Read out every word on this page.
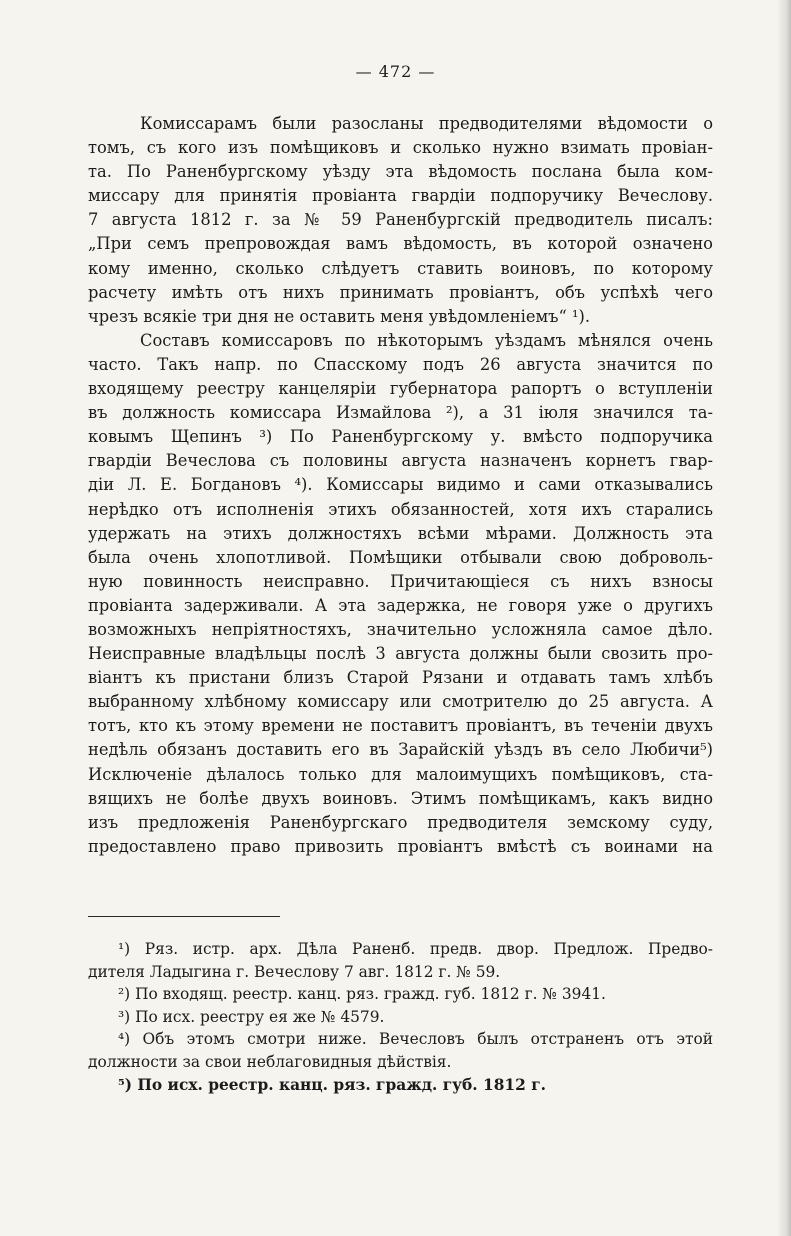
— 472 —
Комиссарамъ были разосланы предводителями вѣдомости о
томъ, съ кого изъ помѣщиковъ и сколько нужно взимать провіан-
та. По Раненбургскому уѣзду эта вѣдомость послана была ком-
миссару для принятія провіанта гвардіи подпоручику Вечеслову.
7 августа 1812 г. за № 59 Раненбургскій предводитель писалъ:
„При семъ препровождая вамъ вѣдомость, въ которой означено
кому именно, сколько слѣдуетъ ставить воиновъ, по которому
расчету имѣть отъ нихъ принимать провіантъ, объ успѣхѣ чего
чрезъ всякіе три дня не оставить меня увѣдомленіемъ“ ¹).
Составъ комиссаровъ по нѣкоторымъ уѣздамъ мѣнялся очень
часто. Такъ напр. по Спасскому подъ 26 августа значится по
входящему реестру канцеляріи губернатора рапортъ о вступленіи
въ должность комиссара Измайлова ²), а 31 іюля значился та-
ковымъ Щепинъ ³) По Раненбургскому у. вмѣсто подпоручика
гвардіи Вечеслова съ половины августа назначенъ корнетъ гвар-
діи Л. Е. Богдановъ ⁴). Комиссары видимо и сами отказывались
нерѣдко отъ исполненія этихъ обязанностей, хотя ихъ старались
удержать на этихъ должностяхъ всѣми мѣрами. Должность эта
была очень хлопотливой. Помѣщики отбывали свою доброволь-
ную повинность неисправно. Причитающіеся съ нихъ взносы
провіанта задерживали. А эта задержка, не говоря уже о другихъ
возможныхъ непріятностяхъ, значительно усложняла самое дѣло.
Неисправные владѣльцы послѣ 3 августа должны были свозить про-
віантъ къ пристани близъ Старой Рязани и отдавать тамъ хлѣбъ
выбранному хлѣбному комиссару или смотрителю до 25 августа. А
тотъ, кто къ этому времени не поставитъ провіантъ, въ теченіи двухъ
недѣль обязанъ доставить его въ Зарайскій уѣздъ въ село Любичи⁵)
Исключеніе дѣлалось только для малоимущихъ помѣщиковъ, ста-
вящихъ не болѣе двухъ воиновъ. Этимъ помѣщикамъ, какъ видно
изъ предложенія Раненбургскаго предводителя земскому суду,
предоставлено право привозить провіантъ вмѣстѣ съ воинами на
¹) Ряз. истр. арх. Дѣла Раненб. предв. двор. Предлож. Предво-
дителя Ладыгина г. Вечеслову 7 авг. 1812 г. № 59.
²) По входящ. реестр. канц. ряз. гражд. губ. 1812 г. № 3941.
³) По исх. реестру ея же № 4579.
⁴) Объ этомъ смотри ниже. Вечесловъ былъ отстраненъ отъ этой
должности за свои неблаговидныя дѣйствія.
⁵) По исх. реестр. канц. ряз. гражд. губ. 1812 г.
